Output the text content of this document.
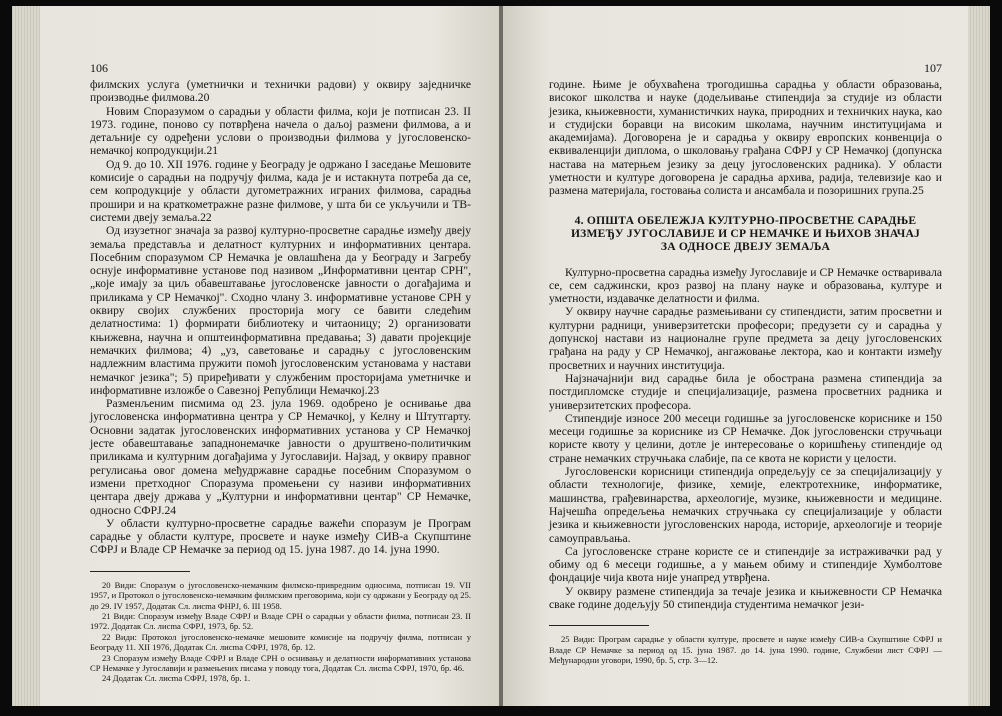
106

филмских услуга (уметнички и технички радови) у оквиру заједничке производње филмова.20

Новим Споразумом о сарадњи у области филма, који је потписан 23. II 1973. године, поново су потврђена начела о даљој размени филмова, а и детаљније су одређени услови о производњи филмова у југословенско-немачкој копродукцији.21

Од 9. до 10. XII 1976. године у Београду је одржано I заседање Мешовите комисије о сарадњи на подручју филма, када је и истакнута потреба да се, сем копродукције у области дугометражних играних филмова, сарадња прошири и на краткометражне разне филмове, у шта би се укључили и ТВ-системи двеју земаља.22

Од изузетног значаја за развој културно-просветне сарадње између двеју земаља представља и делатност културних и информативних центара. Посебним споразумом СР Немачка је овлашћена да у Београду и Загребу оснује информативне установе под називом „Информативни центар СРН", „које имају за циљ обавештавање југословенске јавности о догађајима и приликама у СР Немачкој". Сходно члану 3. информативне установе СРН у оквиру својих службених просторија могу се бавити следећим делатностима: 1) формирати библиотеку и читаоницу; 2) организовати књижевна, научна и општеинформативна предавања; 3) давати пројекције немачких филмова; 4) „уз, саветовање и сарадњу с југословенским надлежним властима пружити помоћ југословенским установама у настави немачког језика"; 5) приређивати у службеним просторијама уметничке и информативне изложбе о Савезној Републици Немачкој.23

Разменљеним писмима од 23. јула 1969. одобрено је оснивање два југословенска информативна центра у СР Немачкој, у Келну и Штутгарту. Основни задатак југословенских информативних установа у СР Немачкој јесте обавештавање западнонемачке јавности о друштвено-политичким приликама и културним догађајима у Југославији. Најзад, у оквиру правног регулисања овог домена међудржавне сарадње посебним Споразумом о измени претходног Споразума промењени су називи информативних центара двеју држава у „Културни и информативни центар" СР Немачке, односно СФРЈ.24

У области културно-просветне сарадње важећи споразум је Програм сарадње у области културе, просвете и науке између СИВ-а Скупштине СФРЈ и Владе СР Немачке за период од 15. јуна 1987. до 14. јуна 1990.

20 Види: Споразум о југословенско-немачким филмско-привредним односима, потписан 19. VII 1957, и Протокол о југословенско-немачким филмским преговорима, који су одржани у Београду од 25. до 29. IV 1957, Додатак Сл. лиcma ФНРЈ, 6. III 1958.

21 Види: Споразум између Владе СФРЈ и Владе СРН о сарадњи у области филма, потписан 23. II 1972. Додатак Сл. лиcma СФРЈ, 1973, бр. 52.

22 Види: Протокол југословенско-немачке мешовите комисије на подручју филма, потписан у Београду 11. XII 1976, Додатак Сл. лиcma СФРЈ, 1978, бр. 12.

23 Споразум између Владе СФРЈ и Владе СРН о оснивању и делатности информативних установа СР Немачке у Југославији и размењених писама у поводу тога, Додатак Сл. лиcma СФРЈ, 1970, бр. 46.

24 Додатак Сл. лиcma СФРЈ, 1978, бр. 1.

107

године. Њиме је обухваћена трогодишња сарадња у области образовања, високог школства и науке (додељивање стипендија за студије из области језика, књижевности, хуманистичких наука, природних и техничких наука, као и студијски боравци на високим школама, научним институцијама и академијама). Договорена је и сарадња у оквиру европских конвенција о еквиваленцији диплома, о школовању грађана СФРЈ у СР Немачкој (допунска настава на матерњем језику за децу југословенских радника). У области уметности и културе договорена је сарадња архива, радија, телевизије као и размена материјала, гостовања солиста и ансамбала и позоришних група.25

4. ОПШТА ОБЕЛЕЖЈА КУЛТУРНО-ПРОСВЕТНЕ САРАДЊЕ
ИЗМЕЂУ ЈУГОСЛАВИЈЕ И СР НЕМАЧКЕ И ЊИХОВ ЗНАЧАЈ
ЗА ОДНОСЕ ДВЕЈУ ЗЕМАЉА

Културно-просветна сарадња између Југославије и СР Немачке остваривала се, сем саджински, кроз развој на плану науке и образовања, културе и уметности, издавачке делатности и филма.

У оквиру научне сарадње размењивани су стипендисти, затим просветни и културни радници, универзитетски професори; предузети су и сарадња у допунској настави из националне групе предмета за децу југословенских грађана на раду у СР Немачкој, ангажовање лектора, као и контакти између просветних и научних институција.

Најзначајнији вид сарадње била је обострана размена стипендија за постдипломске студије и специјализације, размена просветних радника и универзитетских професора.

Стипендије износе 200 месеци годишње за југословенске кориснике и 150 месеци годишње за кориснике из СР Немачке. Док југословенски стручњаци користе квоту у целини, дотле је интересовање о коришћењу стипендије од стране немачких стручњака слабије, па се квота не користи у целости.

Југословенски корисници стипендија опредељују се за специјализацију у области технологије, физике, хемије, електротехнике, информатике, машинства, грађевинарства, археологије, музике, књижевности и медицине. Најчешћа опредељења немачких стручњака су специјализације у области језика и књижевности југословенских народа, историје, археологије и теорије самоуправљања.

Са југословенске стране користе се и стипендије за истраживачки рад у обиму од 6 месеци годишње, а у мањем обиму и стипендије Хумболтове фондације чија квота није унапред утврђена.

У оквиру размене стипендија за течаје језика и књижевности СР Немачка сваке године додељују 50 стипендија студентима немачког јези-

25 Види: Програм сарадње у области културе, просвете и науке између СИВ-а Скупштине СФРЈ и Владе СР Немачке за период од 15. јуна 1987. до 14. јуна 1990. године, Службени лист СФРЈ — Међународни уговори, 1990, бр. 5, стр. 3—12.
